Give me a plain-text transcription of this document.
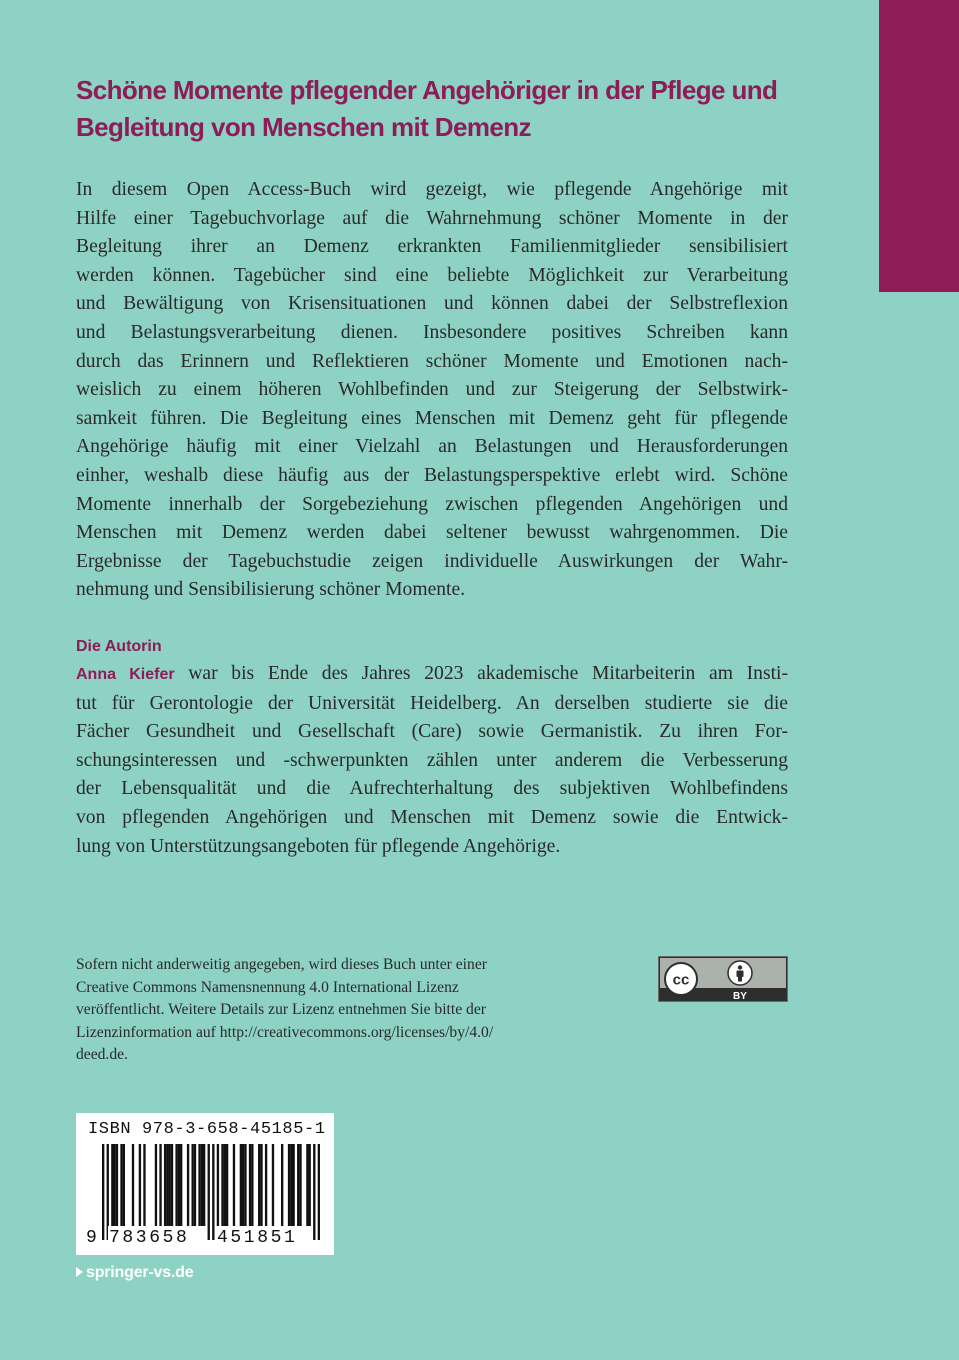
Schöne Momente pflegender Angehöriger in der Pflege und
Begleitung von Menschen mit Demenz
In diesem Open Access-Buch wird gezeigt, wie pflegende Angehörige mit
Hilfe einer Tagebuchvorlage auf die Wahrnehmung schöner Momente in der
Begleitung ihrer an Demenz erkrankten Familienmitglieder sensibilisiert
werden können. Tagebücher sind eine beliebte Möglichkeit zur Verarbeitung
und Bewältigung von Krisensituationen und können dabei der Selbstreflexion
und Belastungsverarbeitung dienen. Insbesondere positives Schreiben kann
durch das Erinnern und Reflektieren schöner Momente und Emotionen nach-
weislich zu einem höheren Wohlbefinden und zur Steigerung der Selbstwirk-
samkeit führen. Die Begleitung eines Menschen mit Demenz geht für pflegende
Angehörige häufig mit einer Vielzahl an Belastungen und Herausforderungen
einher, weshalb diese häufig aus der Belastungsperspektive erlebt wird. Schöne
Momente innerhalb der Sorgebeziehung zwischen pflegenden Angehörigen und
Menschen mit Demenz werden dabei seltener bewusst wahrgenommen. Die
Ergebnisse der Tagebuchstudie zeigen individuelle Auswirkungen der Wahr-
nehmung und Sensibilisierung schöner Momente.
Die Autorin
Anna Kiefer war bis Ende des Jahres 2023 akademische Mitarbeiterin am Insti-
tut für Gerontologie der Universität Heidelberg. An derselben studierte sie die
Fächer Gesundheit und Gesellschaft (Care) sowie Germanistik. Zu ihren For-
schungsinteressen und -schwerpunkten zählen unter anderem die Verbesserung
der Lebensqualität und die Aufrechterhaltung des subjektiven Wohlbefindens
von pflegenden Angehörigen und Menschen mit Demenz sowie die Entwick-
lung von Unterstützungsangeboten für pflegende Angehörige.
Sofern nicht anderweitig angegeben, wird dieses Buch unter einer
Creative Commons Namensnennung 4.0 International Lizenz
veröffentlicht. Weitere Details zur Lizenz entnehmen Sie bitte der
Lizenzinformation auf http://creativecommons.org/licenses/by/4.0/
deed.de.
cc
BY
ISBN 978-3-658-45185-1
9 783658 451851
springer-vs.de
